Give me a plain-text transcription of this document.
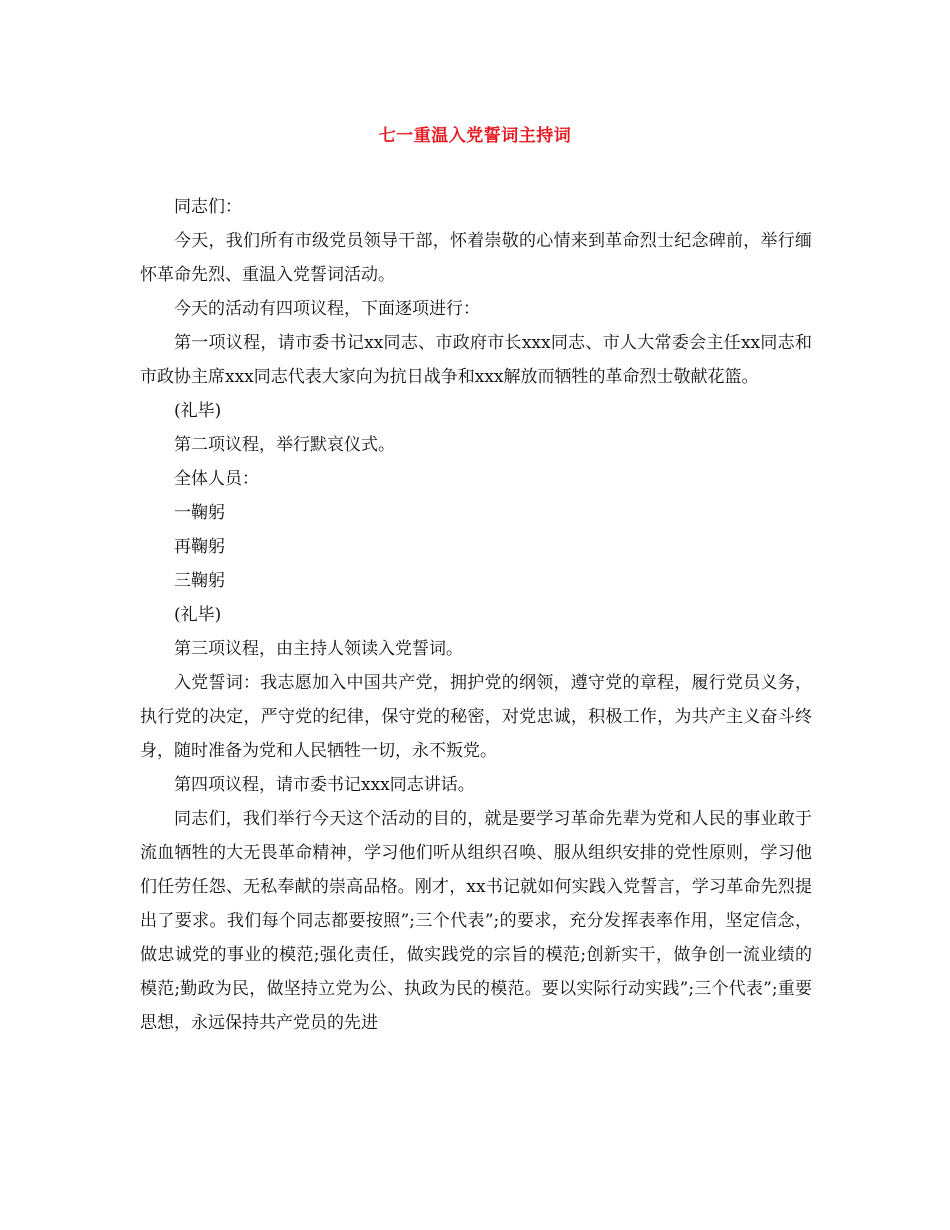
七一重温入党誓词主持词

同志们：

今天，我们所有市级党员领导干部，怀着崇敬的心情来到革命烈士纪念碑前，举行缅怀革命先烈、重温入党誓词活动。

今天的活动有四项议程，下面逐项进行：

第一项议程，请市委书记xx同志、市政府市长xxx同志、市人大常委会主任xx同志和市政协主席xxx同志代表大家向为抗日战争和xxx解放而牺牲的革命烈士敬献花篮。

(礼毕)

第二项议程，举行默哀仪式。

全体人员：

一鞠躬

再鞠躬

三鞠躬

(礼毕)

第三项议程，由主持人领读入党誓词。

入党誓词：我志愿加入中国共产党，拥护党的纲领，遵守党的章程，履行党员义务，执行党的决定，严守党的纪律，保守党的秘密，对党忠诚，积极工作，为共产主义奋斗终身，随时准备为党和人民牺牲一切，永不叛党。

第四项议程，请市委书记xxx同志讲话。

同志们，我们举行今天这个活动的目的，就是要学习革命先辈为党和人民的事业敢于流血牺牲的大无畏革命精神，学习他们听从组织召唤、服从组织安排的党性原则，学习他们任劳任怨、无私奉献的崇高品格。刚才，xx书记就如何实践入党誓言，学习革命先烈提出了要求。我们每个同志都要按照”;三个代表”;的要求，充分发挥表率作用，坚定信念，做忠诚党的事业的模范;强化责任，做实践党的宗旨的模范;创新实干，做争创一流业绩的模范;勤政为民，做坚持立党为公、执政为民的模范。要以实际行动实践”;三个代表”;重要思想，永远保持共产党员的先进
